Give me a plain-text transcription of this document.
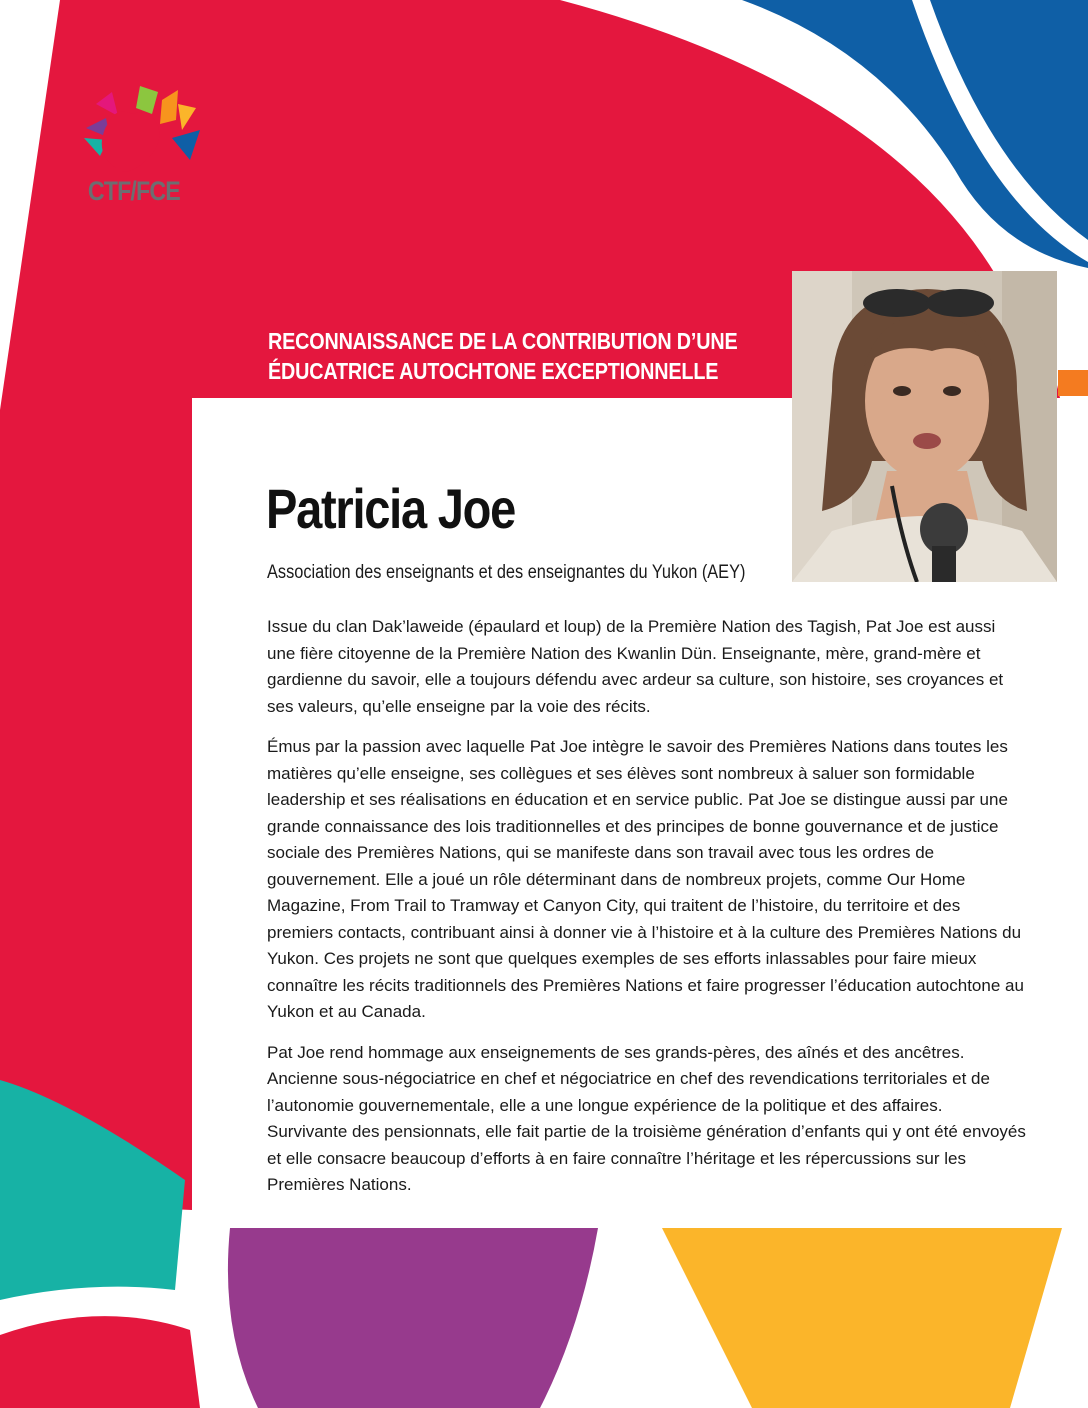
CTF/FCE
RECONNAISSANCE DE LA CONTRIBUTION D’UNE
ÉDUCATRICE AUTOCHTONE EXCEPTIONNELLE
Patricia Joe
Association des enseignants et des enseignantes du Yukon (AEY)

Issue du clan Dak’laweide (épaulard et loup) de la Première Nation des Tagish, Pat Joe est aussi une fière citoyenne de la Première Nation des Kwanlin Dün. Enseignante, mère, grand-mère et gardienne du savoir, elle a toujours défendu avec ardeur sa culture, son histoire, ses croyances et ses valeurs, qu’elle enseigne par la voie des récits.

Émus par la passion avec laquelle Pat Joe intègre le savoir des Premières Nations dans toutes les matières qu’elle enseigne, ses collègues et ses élèves sont nombreux à saluer son formidable leadership et ses réalisations en éducation et en service public. Pat Joe se distingue aussi par une grande connaissance des lois traditionnelles et des principes de bonne gouvernance et de justice sociale des Premières Nations, qui se manifeste dans son travail avec tous les ordres de gouvernement. Elle a joué un rôle déterminant dans de nombreux projets, comme Our Home Magazine, From Trail to Tramway et Canyon City, qui traitent de l’histoire, du territoire et des premiers contacts, contribuant ainsi à donner vie à l’histoire et à la culture des Premières Nations du Yukon. Ces projets ne sont que quelques exemples de ses efforts inlassables pour faire mieux connaître les récits traditionnels des Premières Nations et faire progresser l’éducation autochtone au Yukon et au Canada.

Pat Joe rend hommage aux enseignements de ses grands-pères, des aînés et des ancêtres. Ancienne sous-négociatrice en chef et négociatrice en chef des revendications territoriales et de l’autonomie gouvernementale, elle a une longue expérience de la politique et des affaires. Survivante des pensionnats, elle fait partie de la troisième génération d’enfants qui y ont été envoyés et elle consacre beaucoup d’efforts à en faire connaître l’héritage et les répercussions sur les Premières Nations.
